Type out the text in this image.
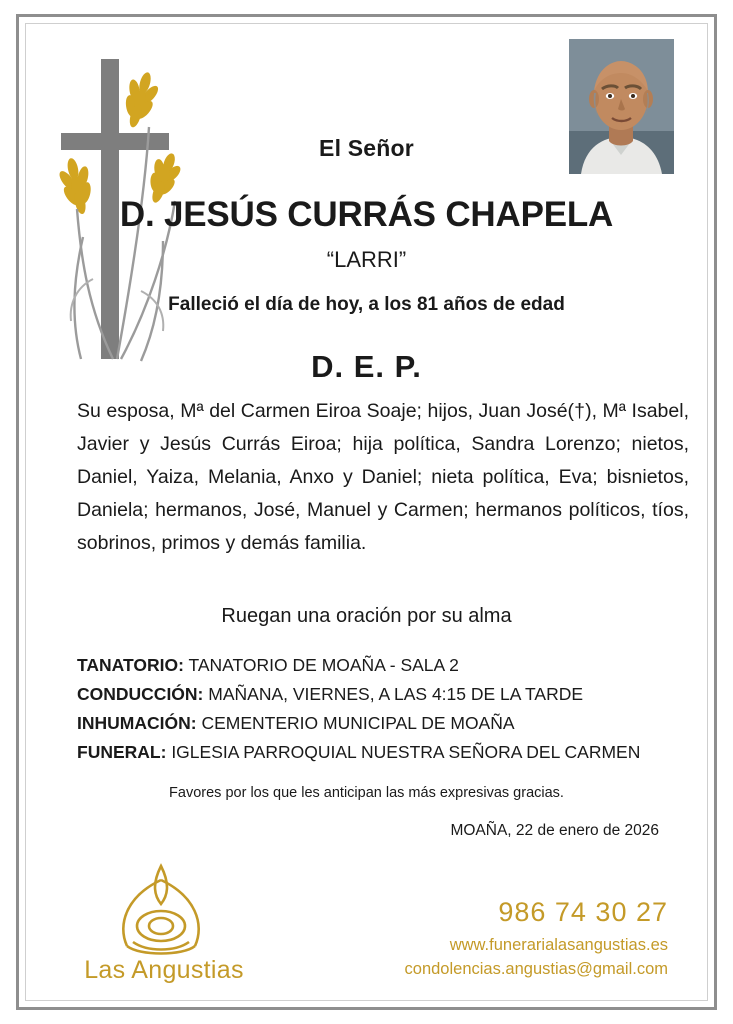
El Señor
D. JESÚS CURRÁS CHAPELA
“LARRI”
Falleció el día de hoy, a los 81 años de edad
D. E. P.
Su esposa, Mª del Carmen Eiroa Soaje; hijos, Juan José(†), Mª Isabel, Javier y Jesús Currás Eiroa; hija política, Sandra Lorenzo; nietos, Daniel, Yaiza, Melania, Anxo y Daniel; nieta política, Eva; bisnietos, Daniela; hermanos, José, Manuel y Carmen; hermanos políticos, tíos, sobrinos, primos y demás familia.
Ruegan una oración por su alma
TANATORIO: TANATORIO DE MOAÑA - SALA 2
CONDUCCIÓN: MAÑANA, VIERNES, A LAS 4:15 DE LA TARDE
INHUMACIÓN: CEMENTERIO MUNICIPAL DE MOAÑA
FUNERAL: IGLESIA PARROQUIAL NUESTRA SEÑORA DEL CARMEN
Favores por los que les anticipan las más expresivas gracias.
MOAÑA, 22 de enero de 2026
Las Angustias
986 74 30 27
www.funerarialasangustias.es
condolencias.angustias@gmail.com
